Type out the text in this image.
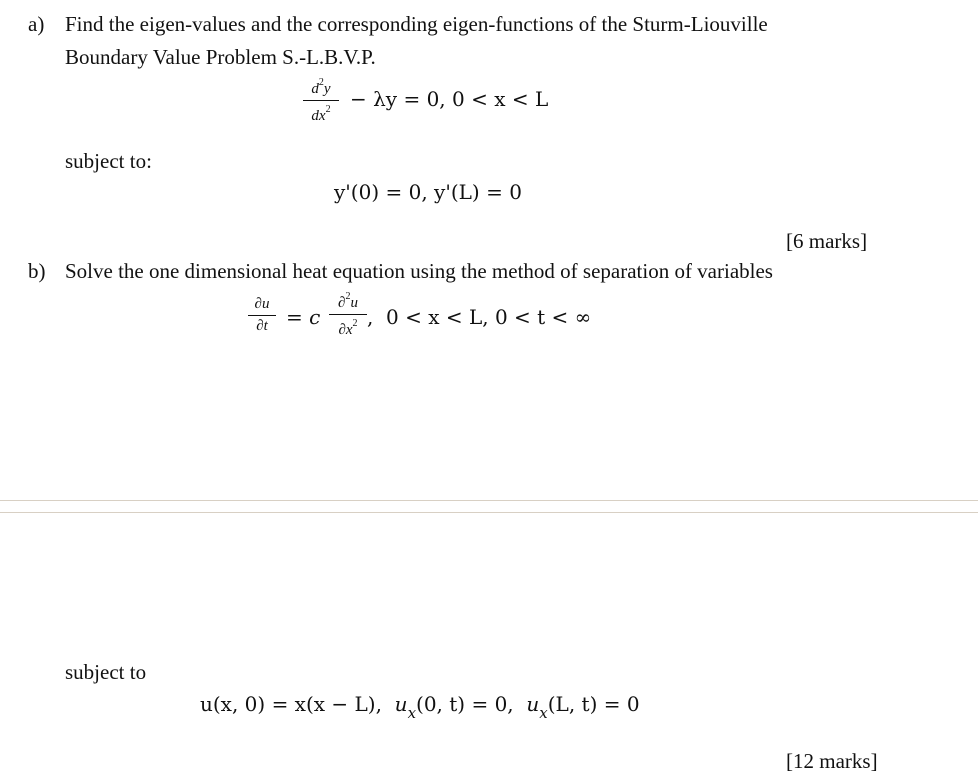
a) Find the eigen-values and the corresponding eigen-functions of the Sturm-Liouville
Boundary Value Problem S.-L.B.V.P.
$d^2y$
$dx^2 - \lambda y = 0$, 0 < x < L
subject to:
y'(0) = 0, y'(L) = 0
[6 marks]
b) Solve the one dimensional heat equation using the method of separation of variables
∂u
∂t = c
∂$^2$u
$\partial x^2$ , 0 < x < L, 0 < t < ∞
subject to
u(x, 0) = x(x − L), $u_x(0$, t) = 0, $u_x(L$, t) = 0
[12 marks]
